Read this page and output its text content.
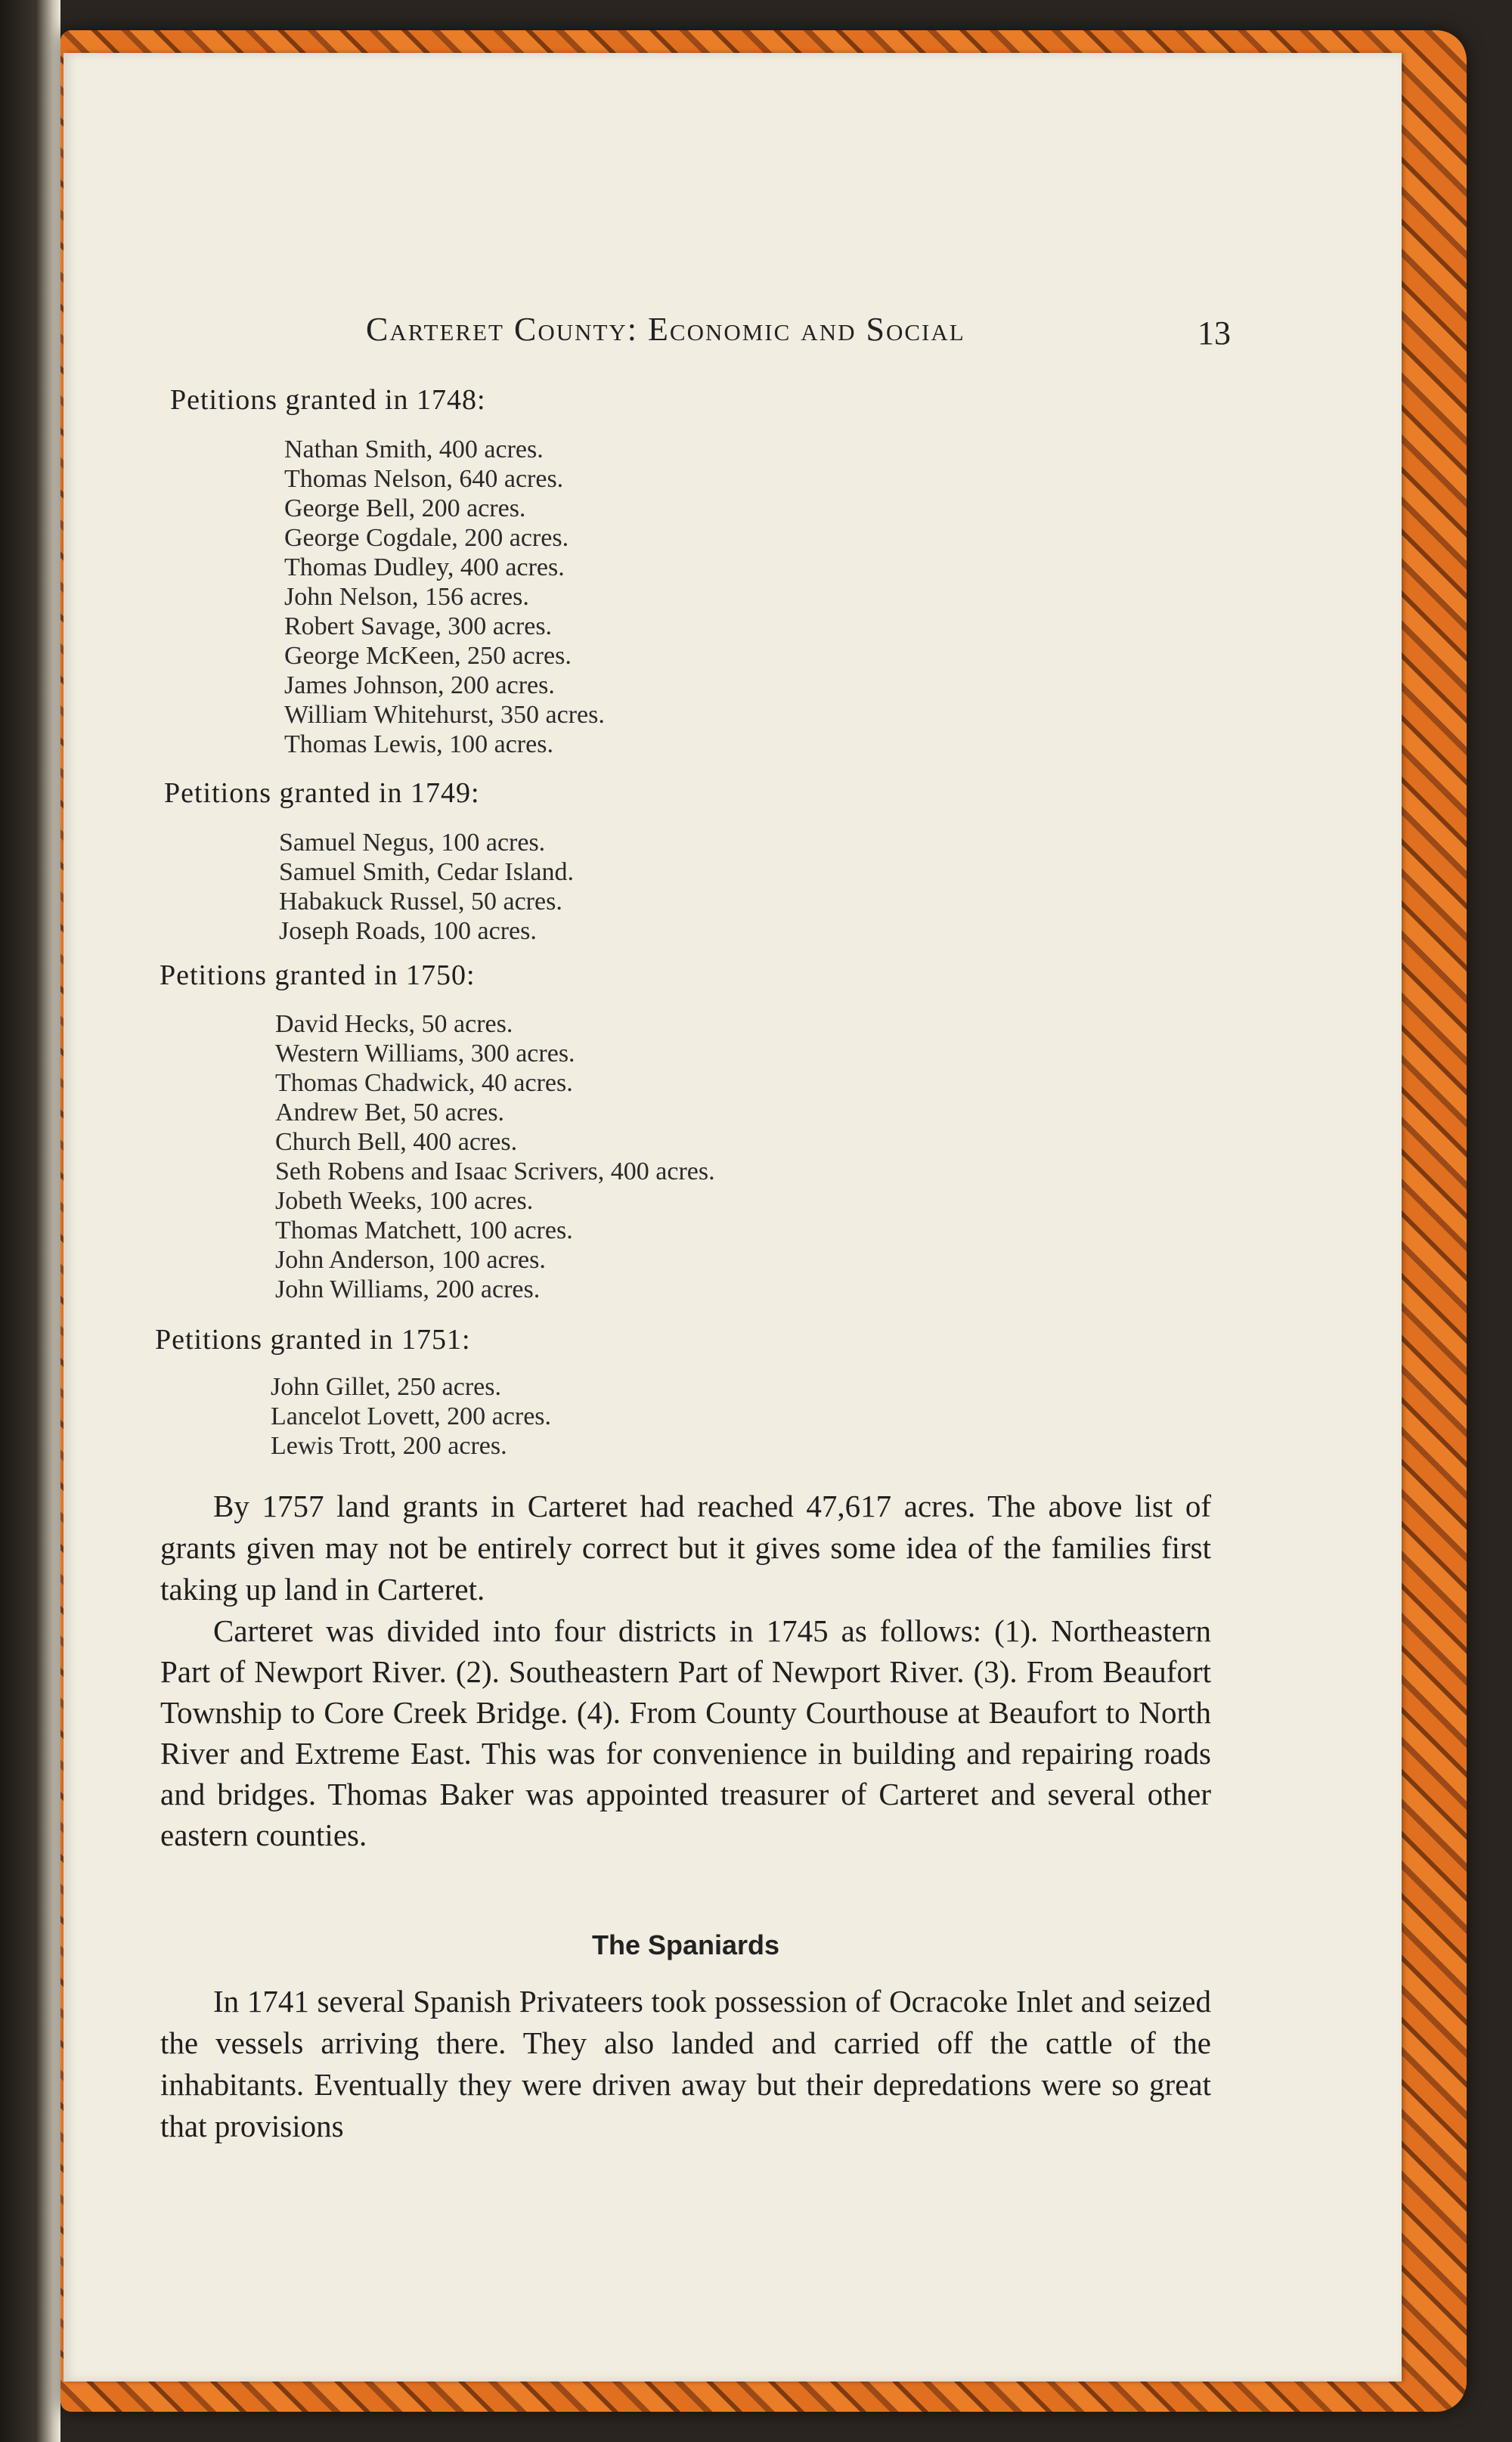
Carteret County: Economic and Social	13
Petitions granted in 1748:
Nathan Smith, 400 acres.
Thomas Nelson, 640 acres.
George Bell, 200 acres.
George Cogdale, 200 acres.
Thomas Dudley, 400 acres.
John Nelson, 156 acres.
Robert Savage, 300 acres.
George McKeen, 250 acres.
James Johnson, 200 acres.
William Whitehurst, 350 acres.
Thomas Lewis, 100 acres.
Petitions granted in 1749:
Samuel Negus, 100 acres.
Samuel Smith, Cedar Island.
Habakuck Russel, 50 acres.
Joseph Roads, 100 acres.
Petitions granted in 1750:
David Hecks, 50 acres.
Western Williams, 300 acres.
Thomas Chadwick, 40 acres.
Andrew Bet, 50 acres.
Church Bell, 400 acres.
Seth Robens and Isaac Scrivers, 400 acres.
Jobeth Weeks, 100 acres.
Thomas Matchett, 100 acres.
John Anderson, 100 acres.
John Williams, 200 acres.
Petitions granted in 1751:
John Gillet, 250 acres.
Lancelot Lovett, 200 acres.
Lewis Trott, 200 acres.
By 1757 land grants in Carteret had reached 47,617 acres. The above list of grants given may not be entirely correct but it gives some idea of the families first taking up land in Carteret.
Carteret was divided into four districts in 1745 as follows: (1). Northeastern Part of Newport River. (2). Southeastern Part of Newport River. (3). From Beaufort Township to Core Creek Bridge. (4). From County Courthouse at Beaufort to North River and Extreme East. This was for convenience in building and repairing roads and bridges. Thomas Baker was appointed treasurer of Carteret and several other eastern counties.
The Spaniards
In 1741 several Spanish Privateers took possession of Ocracoke Inlet and seized the vessels arriving there. They also landed and carried off the cattle of the inhabitants. Eventually they were driven away but their depredations were so great that provisions
